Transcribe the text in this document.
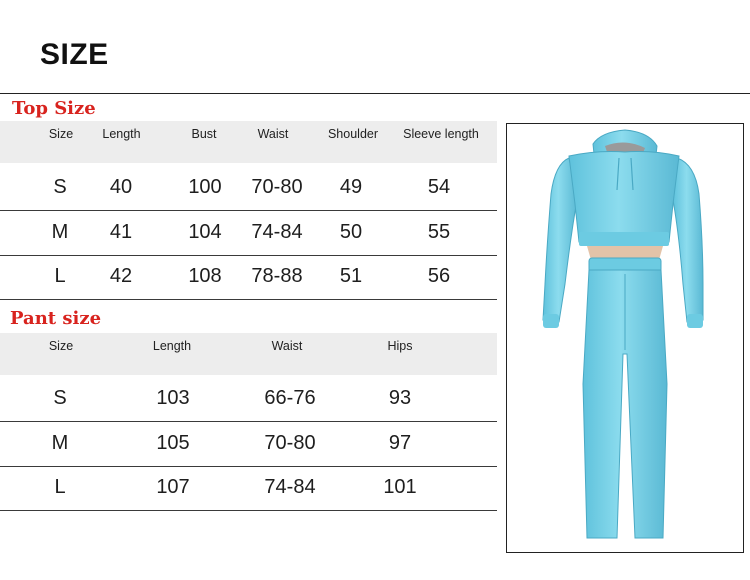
SIZE
Top Size
Size	Length	Bust	Waist	Shoulder	Sleeve length
S	40	100	70-80	49	54
M	41	104	74-84	50	55
L	42	108	78-88	51	56
Pant size
Size	Length	Waist	Hips
S	103	66-76	93
M	105	70-80	97
L	107	74-84	101
